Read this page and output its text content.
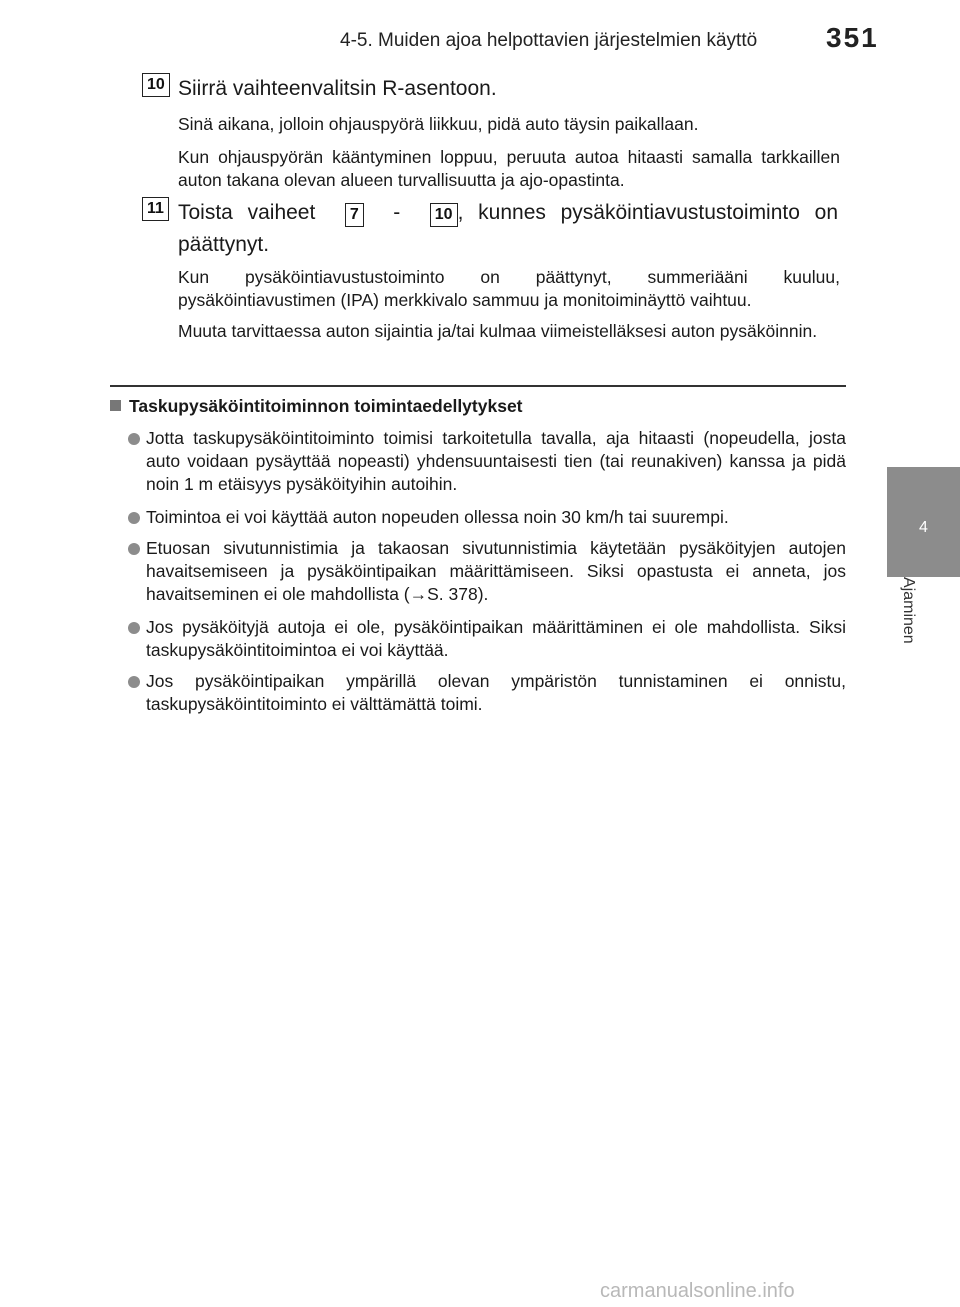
4-5. Muiden ajoa helpottavien järjestelmien käyttö 351
4
Ajaminen
10 Siirrä vaihteenvalitsin R-asentoon.
Sinä aikana, jolloin ohjauspyörä liikkuu, pidä auto täysin paikallaan.
Kun ohjauspyörän kääntyminen loppuu, peruuta autoa hitaasti samalla tarkkaillen auton takana olevan alueen turvallisuutta ja ajo-opastinta.
11 Toista vaiheet 7 - 10 , kunnes pysäköintiavustustoiminto on päättynyt.
Kun pysäköintiavustustoiminto on päättynyt, summeriääni kuuluu, pysäköintiavustimen (IPA) merkkivalo sammuu ja monitoiminäyttö vaihtuu.
Muuta tarvittaessa auton sijaintia ja/tai kulmaa viimeistelläksesi auton pysäköinnin.
Taskupysäköintitoiminnon toimintaedellytykset
Jotta taskupysäköintitoiminto toimisi tarkoitetulla tavalla, aja hitaasti (nopeudella, josta auto voidaan pysäyttää nopeasti) yhdensuuntaisesti tien (tai reunakiven) kanssa ja pidä noin 1 m etäisyys pysäköityihin autoihin.
Toimintoa ei voi käyttää auton nopeuden ollessa noin 30 km/h tai suurempi.
Etuosan sivutunnistimia ja takaosan sivutunnistimia käytetään pysäköityjen autojen havaitsemiseen ja pysäköintipaikan määrittämiseen. Siksi opastusta ei anneta, jos havaitseminen ei ole mahdollista (→S. 378).
Jos pysäköityjä autoja ei ole, pysäköintipaikan määrittäminen ei ole mahdollista. Siksi taskupysäköintitoimintoa ei voi käyttää.
Jos pysäköintipaikan ympärillä olevan ympäristön tunnistaminen ei onnistu, taskupysäköintitoiminto ei välttämättä toimi.
carmanualsonline.info
